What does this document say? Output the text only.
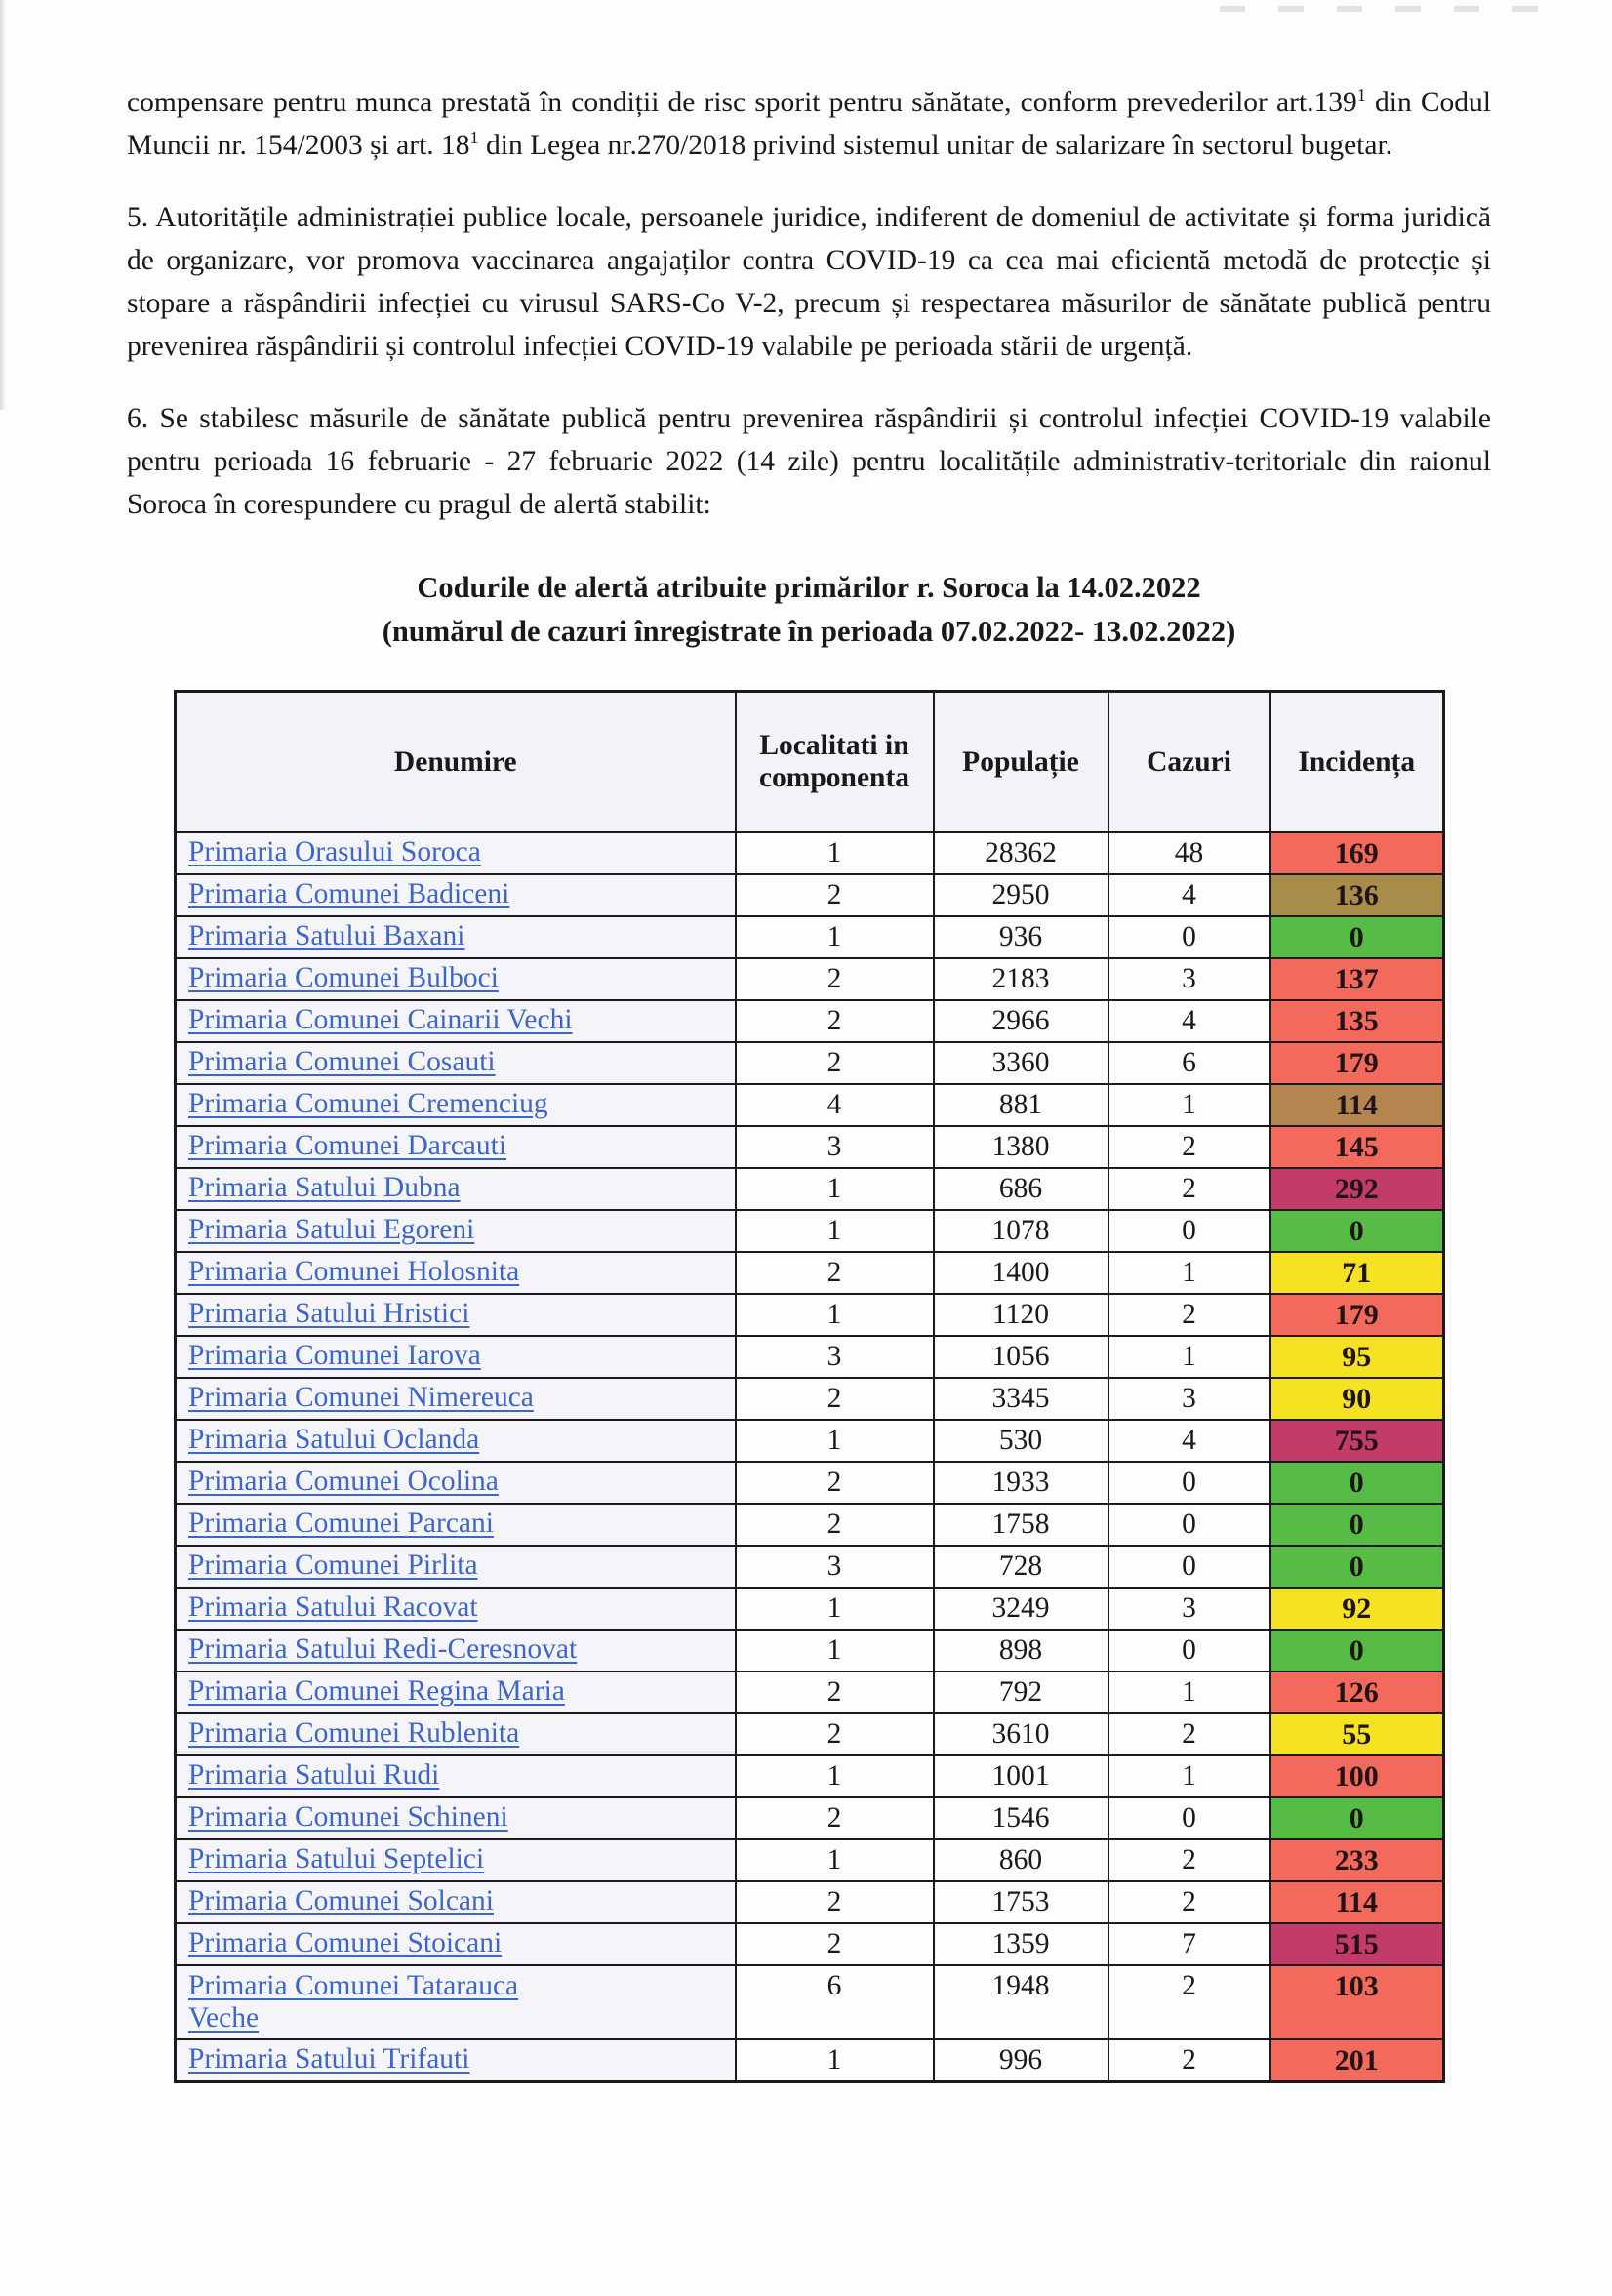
compensare pentru munca prestată în condiții de risc sporit pentru sănătate, conform prevederilor art.139$^1$ din Codul Muncii nr. 154/2003 și art. $18^1$ din Legea nr.270/2018 privind sistemul unitar de salarizare în sectorul bugetar.

5. Autoritățile administrației publice locale, persoanele juridice, indiferent de domeniul de activitate și forma juridică de organizare, vor promova vaccinarea angajaților contra COVID-19 ca cea mai eficientă metodă de protecție și stopare a răspândirii infecției cu virusul SARS-Co V-2, precum și respectarea măsurilor de sănătate publică pentru prevenirea răspândirii și controlul infecției COVID-19 valabile pe perioada stării de urgență.

6. Se stabilesc măsurile de sănătate publică pentru prevenirea răspândirii și controlul infecției COVID-19 valabile pentru perioada 16 februarie - 27 februarie 2022 (14 zile) pentru localitățile administrativ-teritoriale din raionul Soroca în corespundere cu pragul de alertă stabilit:

Codurile de alertă atribuite primărilor r. Soroca la 14.02.2022
(numărul de cazuri înregistrate în perioada 07.02.2022- 13.02.2022)
Denumire	Localitati in componenta	Populație	Cazuri	Incidența
Primaria Orasului Soroca	1	28362	48	169
Primaria Comunei Badiceni	2	2950	4	136
Primaria Satului Baxani	1	936	0	0
Primaria Comunei Bulboci	2	2183	3	137
Primaria Comunei Cainarii Vechi	2	2966	4	135
Primaria Comunei Cosauti	2	3360	6	179
Primaria Comunei Cremenciug	4	881	1	114
Primaria Comunei Darcauti	3	1380	2	145
Primaria Satului Dubna	1	686	2	292
Primaria Satului Egoreni	1	1078	0	0
Primaria Comunei Holosnita	2	1400	1	71
Primaria Satului Hristici	1	1120	2	179
Primaria Comunei Iarova	3	1056	1	95
Primaria Comunei Nimereuca	2	3345	3	90
Primaria Satului Oclanda	1	530	4	755
Primaria Comunei Ocolina	2	1933	0	0
Primaria Comunei Parcani	2	1758	0	0
Primaria Comunei Pirlita	3	728	0	0
Primaria Satului Racovat	1	3249	3	92
Primaria Satului Redi-Ceresnovat	1	898	0	0
Primaria Comunei Regina Maria	2	792	1	126
Primaria Comunei Rublenita	2	3610	2	55
Primaria Satului Rudi	1	1001	1	100
Primaria Comunei Schineni	2	1546	0	0
Primaria Satului Septelici	1	860	2	233
Primaria Comunei Solcani	2	1753	2	114
Primaria Comunei Stoicani	2	1359	7	515
Primaria Comunei Tatarauca
Veche	6	1948	2	103
Primaria Satului Trifauti	1	996	2	201
